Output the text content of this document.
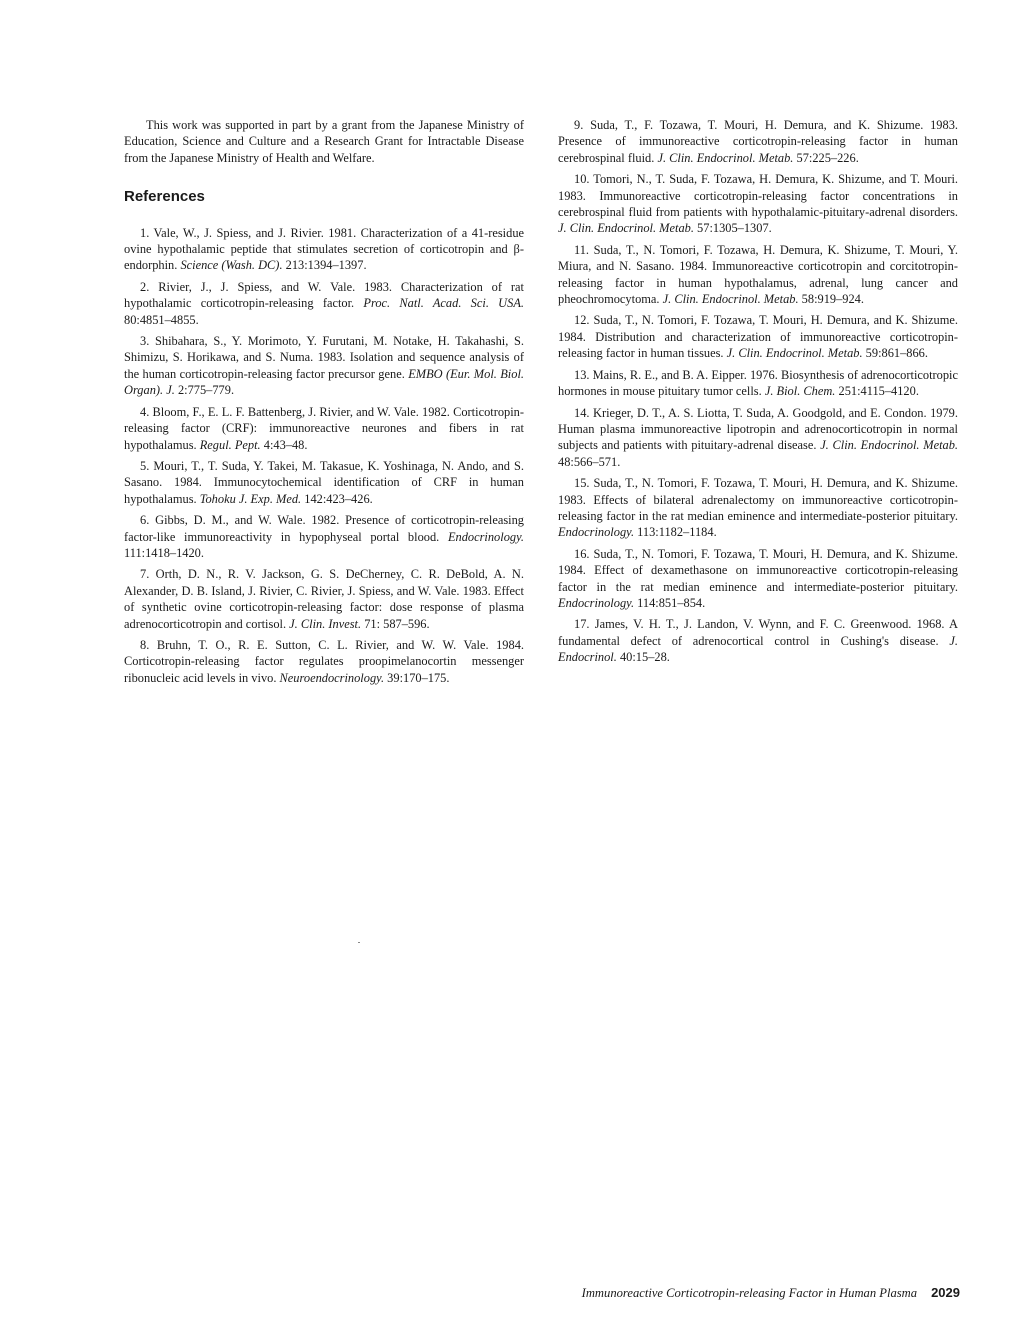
This work was supported in part by a grant from the Japanese Ministry of Education, Science and Culture and a Research Grant for Intractable Disease from the Japanese Ministry of Health and Welfare.

References

1. Vale, W., J. Spiess, and J. Rivier. 1981. Characterization of a 41-residue ovine hypothalamic peptide that stimulates secretion of corticotropin and β-endorphin. Science (Wash. DC). 213:1394–1397.

2. Rivier, J., J. Spiess, and W. Vale. 1983. Characterization of rat hypothalamic corticotropin-releasing factor. Proc. Natl. Acad. Sci. USA. 80:4851–4855.

3. Shibahara, S., Y. Morimoto, Y. Furutani, M. Notake, H. Takahashi, S. Shimizu, S. Horikawa, and S. Numa. 1983. Isolation and sequence analysis of the human corticotropin-releasing factor precursor gene. EMBO (Eur. Mol. Biol. Organ). J. 2:775–779.

4. Bloom, F., E. L. F. Battenberg, J. Rivier, and W. Vale. 1982. Corticotropin-releasing factor (CRF): immunoreactive neurones and fibers in rat hypothalamus. Regul. Pept. 4:43–48.

5. Mouri, T., T. Suda, Y. Takei, M. Takasue, K. Yoshinaga, N. Ando, and S. Sasano. 1984. Immunocytochemical identification of CRF in human hypothalamus. Tohoku J. Exp. Med. 142:423–426.

6. Gibbs, D. M., and W. Wale. 1982. Presence of corticotropin-releasing factor-like immunoreactivity in hypophyseal portal blood. Endocrinology. 111:1418–1420.

7. Orth, D. N., R. V. Jackson, G. S. DeCherney, C. R. DeBold, A. N. Alexander, D. B. Island, J. Rivier, C. Rivier, J. Spiess, and W. Vale. 1983. Effect of synthetic ovine corticotropin-releasing factor: dose response of plasma adrenocorticotropin and cortisol. J. Clin. Invest. 71: 587–596.

8. Bruhn, T. O., R. E. Sutton, C. L. Rivier, and W. W. Vale. 1984. Corticotropin-releasing factor regulates proopimelanocortin messenger ribonucleic acid levels in vivo. Neuroendocrinology. 39:170–175.

9. Suda, T., F. Tozawa, T. Mouri, H. Demura, and K. Shizume. 1983. Presence of immunoreactive corticotropin-releasing factor in human cerebrospinal fluid. J. Clin. Endocrinol. Metab. 57:225–226.

10. Tomori, N., T. Suda, F. Tozawa, H. Demura, K. Shizume, and T. Mouri. 1983. Immunoreactive corticotropin-releasing factor concentrations in cerebrospinal fluid from patients with hypothalamic-pituitary-adrenal disorders. J. Clin. Endocrinol. Metab. 57:1305–1307.

11. Suda, T., N. Tomori, F. Tozawa, H. Demura, K. Shizume, T. Mouri, Y. Miura, and N. Sasano. 1984. Immunoreactive corticotropin and corcitotropin-releasing factor in human hypothalamus, adrenal, lung cancer and pheochromocytoma. J. Clin. Endocrinol. Metab. 58:919–924.

12. Suda, T., N. Tomori, F. Tozawa, T. Mouri, H. Demura, and K. Shizume. 1984. Distribution and characterization of immunoreactive corticotropin-releasing factor in human tissues. J. Clin. Endocrinol. Metab. 59:861–866.

13. Mains, R. E., and B. A. Eipper. 1976. Biosynthesis of adrenocorticotropic hormones in mouse pituitary tumor cells. J. Biol. Chem. 251:4115–4120.

14. Krieger, D. T., A. S. Liotta, T. Suda, A. Goodgold, and E. Condon. 1979. Human plasma immunoreactive lipotropin and adrenocorticotropin in normal subjects and patients with pituitary-adrenal disease. J. Clin. Endocrinol. Metab. 48:566–571.

15. Suda, T., N. Tomori, F. Tozawa, T. Mouri, H. Demura, and K. Shizume. 1983. Effects of bilateral adrenalectomy on immunoreactive corticotropin-releasing factor in the rat median eminence and intermediate-posterior pituitary. Endocrinology. 113:1182–1184.

16. Suda, T., N. Tomori, F. Tozawa, T. Mouri, H. Demura, and K. Shizume. 1984. Effect of dexamethasone on immunoreactive corticotropin-releasing factor in the rat median eminence and intermediate-posterior pituitary. Endocrinology. 114:851–854.

17. James, V. H. T., J. Landon, V. Wynn, and F. C. Greenwood. 1968. A fundamental defect of adrenocortical control in Cushing's disease. J. Endocrinol. 40:15–28.

Immunoreactive Corticotropin-releasing Factor in Human Plasma 2029
